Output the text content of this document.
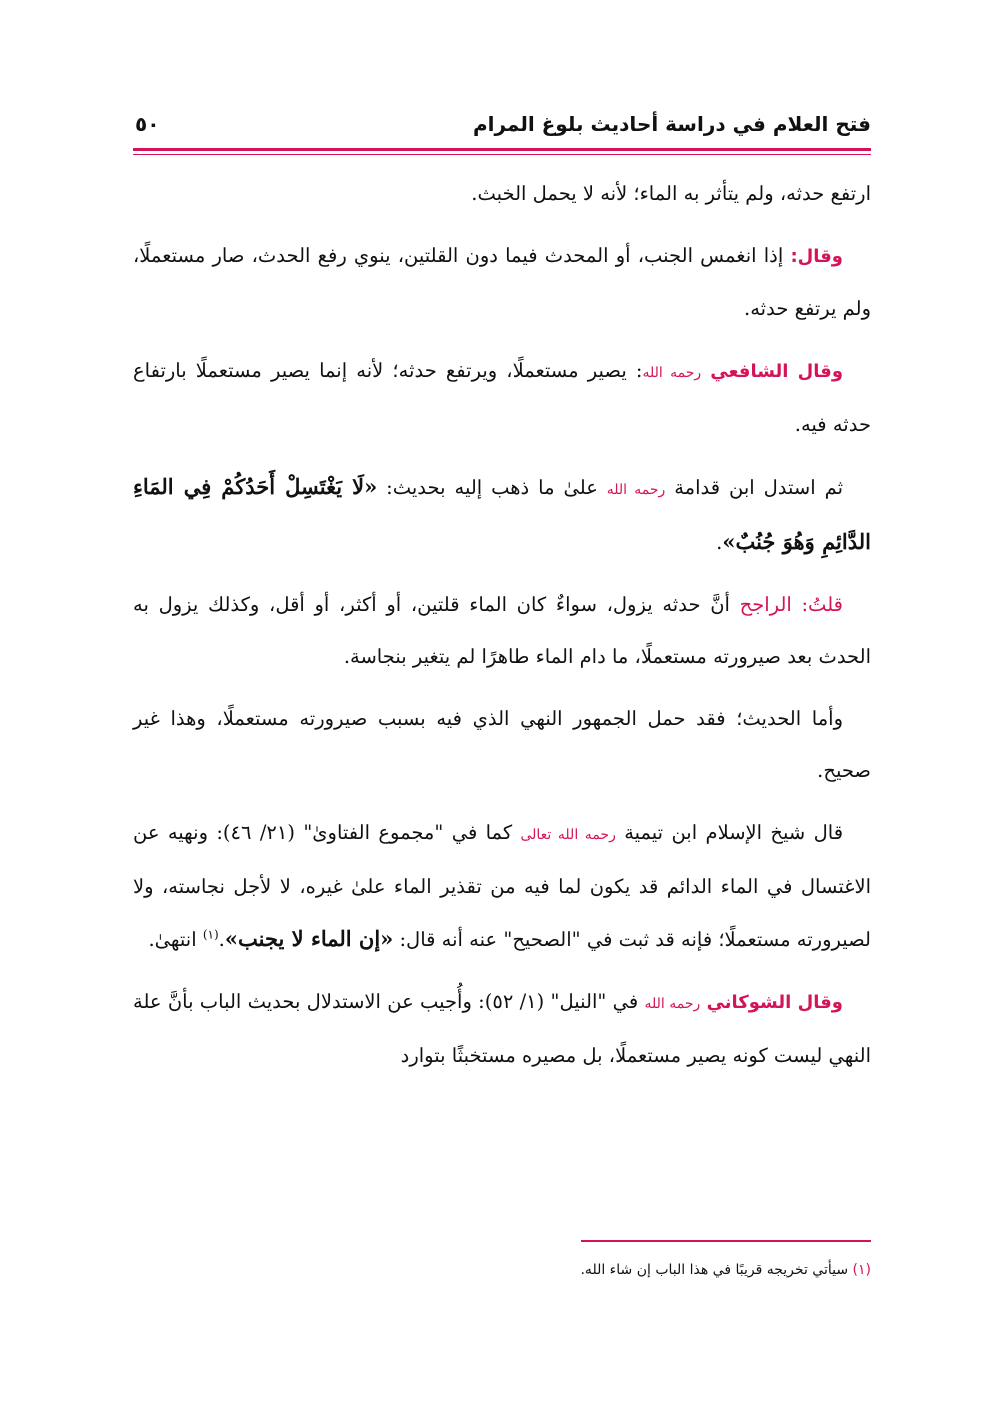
فتح العلام في دراسة أحاديث بلوغ المرام
٥٠

ارتفع حدثه، ولم يتأثر به الماء؛ لأنه لا يحمل الخبث.

وقال: إذا انغمس الجنب، أو المحدث فيما دون القلتين، ينوي رفع الحدث، صار مستعملًا، ولم يرتفع حدثه.

وقال الشافعي رحمه الله: يصير مستعملًا، ويرتفع حدثه؛ لأنه إنما يصير مستعملًا بارتفاع حدثه فيه.

ثم استدل ابن قدامة رحمه الله علىٰ ما ذهب إليه بحديث: «لَا يَغْتَسِلْ أَحَدُكُمْ فِي المَاءِ الدَّائِمِ وَهُوَ جُنُبٌ».

قلتُ: الراجح أنَّ حدثه يزول، سواءٌ كان الماء قلتين، أو أكثر، أو أقل، وكذلك يزول به الحدث بعد صيرورته مستعملًا، ما دام الماء طاهرًا لم يتغير بنجاسة.

وأما الحديث؛ فقد حمل الجمهور النهي الذي فيه بسبب صيرورته مستعملًا، وهذا غير صحيح.

قال شيخ الإسلام ابن تيمية رحمه الله تعالى كما في "مجموع الفتاوىٰ" (٢١/ ٤٦): ونهيه عن الاغتسال في الماء الدائم قد يكون لما فيه من تقذير الماء علىٰ غيره، لا لأجل نجاسته، ولا لصيرورته مستعملًا؛ فإنه قد ثبت في "الصحيح" عنه أنه قال: «إن الماء لا يجنب».$^{(١)}$ انتهىٰ.

وقال الشوكاني رحمه الله في "النيل" (١/ ٥٢): وأُجيب عن الاستدلال بحديث الباب بأنَّ علة النهي ليست كونه يصير مستعملًا، بل مصيره مستخبثًا بتوارد

(١) سيأتي تخريجه قريبًا في هذا الباب إن شاء الله.
